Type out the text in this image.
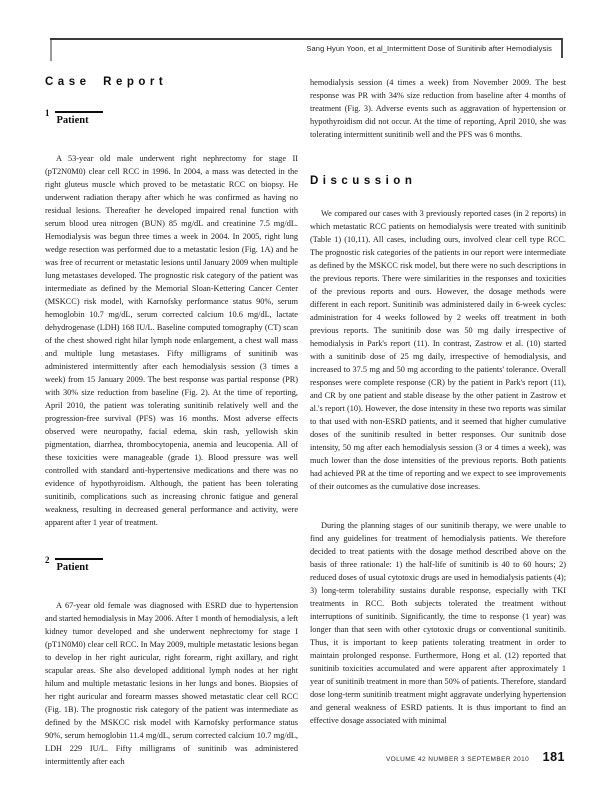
Sang Hyun Yoon, et al_Intermittent Dose of Sunitinib after Hemodialysis
Case Report
$^1$Patient

A 53-year old male underwent right nephrectomy for stage II (pT2N0M0) clear cell RCC in 1996. In 2004, a mass was detected in the right gluteus muscle which proved to be metastatic RCC on biopsy. He underwent radiation therapy after which he was confirmed as having no residual lesions. Thereafter he developed impaired renal function with serum blood urea nitrogen (BUN) 85 mg/dL and creatinine 7.5 mg/dL. Hemodialysis was begun three times a week in 2004. In 2005, right lung wedge resection was performed due to a metastatic lesion (Fig. 1A) and he was free of recurrent or metastatic lesions until January 2009 when multiple lung metastases developed. The prognostic risk category of the patient was intermediate as defined by the Memorial Sloan-Kettering Cancer Center (MSKCC) risk model, with Karnofsky performance status 90%, serum hemoglobin 10.7 mg/dL, serum corrected calcium 10.6 mg/dL, lactate dehydrogenase (LDH) 168 IU/L. Baseline computed tomography (CT) scan of the chest showed right hilar lymph node enlargement, a chest wall mass and multiple lung metastases. Fifty milligrams of sunitinib was administered intermittently after each hemodialysis session (3 times a week) from 15 January 2009. The best response was partial response (PR) with 30% size reduction from baseline (Fig. 2). At the time of reporting, April 2010, the patient was tolerating sunitinib relatively well and the progression-free survival (PFS) was 16 months. Most adverse effects observed were neuropathy, facial edema, skin rash, yellowish skin pigmentation, diarrhea, thrombocytopenia, anemia and leucopenia. All of these toxicities were manageable (grade 1). Blood pressure was well controlled with standard anti-hypertensive medications and there was no evidence of hypothyroidism. Although, the patient has been tolerating sunitinib, complications such as increasing chronic fatigue and general weakness, resulting in decreased general performance and activity, were apparent after 1 year of treatment.

$^2$Patient

A 67-year old female was diagnosed with ESRD due to hypertension and started hemodialysis in May 2006. After 1 month of hemodialysis, a left kidney tumor developed and she underwent nephrectomy for stage I (pT1N0M0) clear cell RCC. In May 2009, multiple metastatic lesions began to develop in her right auricular, right forearm, right axillary, and right scapular areas. She also developed additional lymph nodes at her right hilum and multiple metastatic lesions in her lungs and bones. Biopsies of her right auricular and forearm masses showed metastatic clear cell RCC (Fig. 1B). The prognostic risk category of the patient was intermediate as defined by the MSKCC risk model with Karnofsky performance status 90%, serum hemoglobin 11.4 mg/dL, serum corrected calcium 10.7 mg/dL, LDH 229 IU/L. Fifty milligrams of sunitinib was administered intermittently after each

hemodialysis session (4 times a week) from November 2009. The best response was PR with 34% size reduction from baseline after 4 months of treatment (Fig. 3). Adverse events such as aggravation of hypertension or hypothyroidism did not occur. At the time of reporting, April 2010, she was tolerating intermittent sunitinib well and the PFS was 6 months.

Discussion

We compared our cases with 3 previously reported cases (in 2 reports) in which metastatic RCC patients on hemodialysis were treated with sunitinib (Table 1) (10,11). All cases, including ours, involved clear cell type RCC. The prognostic risk categories of the patients in our report were intermediate as defined by the MSKCC risk model, but there were no such descriptions in the previous reports. There were similarities in the responses and toxicities of the previous reports and ours. However, the dosage methods were different in each report. Sunitinib was administered daily in 6-week cycles: administration for 4 weeks followed by 2 weeks off treatment in both previous reports. The sunitinib dose was 50 mg daily irrespective of hemodialysis in Park's report (11). In contrast, Zastrow et al. (10) started with a sunitinib dose of 25 mg daily, irrespective of hemodialysis, and increased to 37.5 mg and 50 mg according to the patients' tolerance. Overall responses were complete response (CR) by the patient in Park's report (11), and CR by one patient and stable disease by the other patient in Zastrow et al.'s report (10). However, the dose intensity in these two reports was similar to that used with non-ESRD patients, and it seemed that higher cumulative doses of the sunitinib resulted in better responses. Our sunitnib dose intensity, 50 mg after each hemodialysis session (3 or 4 times a week), was much lower than the dose intensities of the previous reports. Both patients had achieved PR at the time of reporting and we expect to see improvements of their outcomes as the cumulative dose increases.

During the planning stages of our sunitinib therapy, we were unable to find any guidelines for treatment of hemodialysis patients. We therefore decided to treat patients with the dosage method described above on the basis of three rationale: 1) the half-life of sunitinib is 40 to 60 hours; 2) reduced doses of usual cytotoxic drugs are used in hemodialysis patients (4); 3) long-term tolerability sustains durable response, especially with TKI treatments in RCC. Both subjects tolerated the treatment without interruptions of sunitinib. Significantly, the time to response (1 year) was longer than that seen with other cytotoxic drugs or conventional sunitinib. Thus, it is important to keep patients tolerating treatment in order to maintain prolonged response. Furthermore, Hong et al. (12) reported that sunitinib toxicities accumulated and were apparent after approximately 1 year of sunitinib treatment in more than 50% of patients. Therefore, standard dose long-term sunitinib treatment might aggravate underlying hypertension and general weakness of ESRD patients. It is thus important to find an effective dosage associated with minimal

VOLUME 42 NUMBER 3 SEPTEMBER 2010 181
